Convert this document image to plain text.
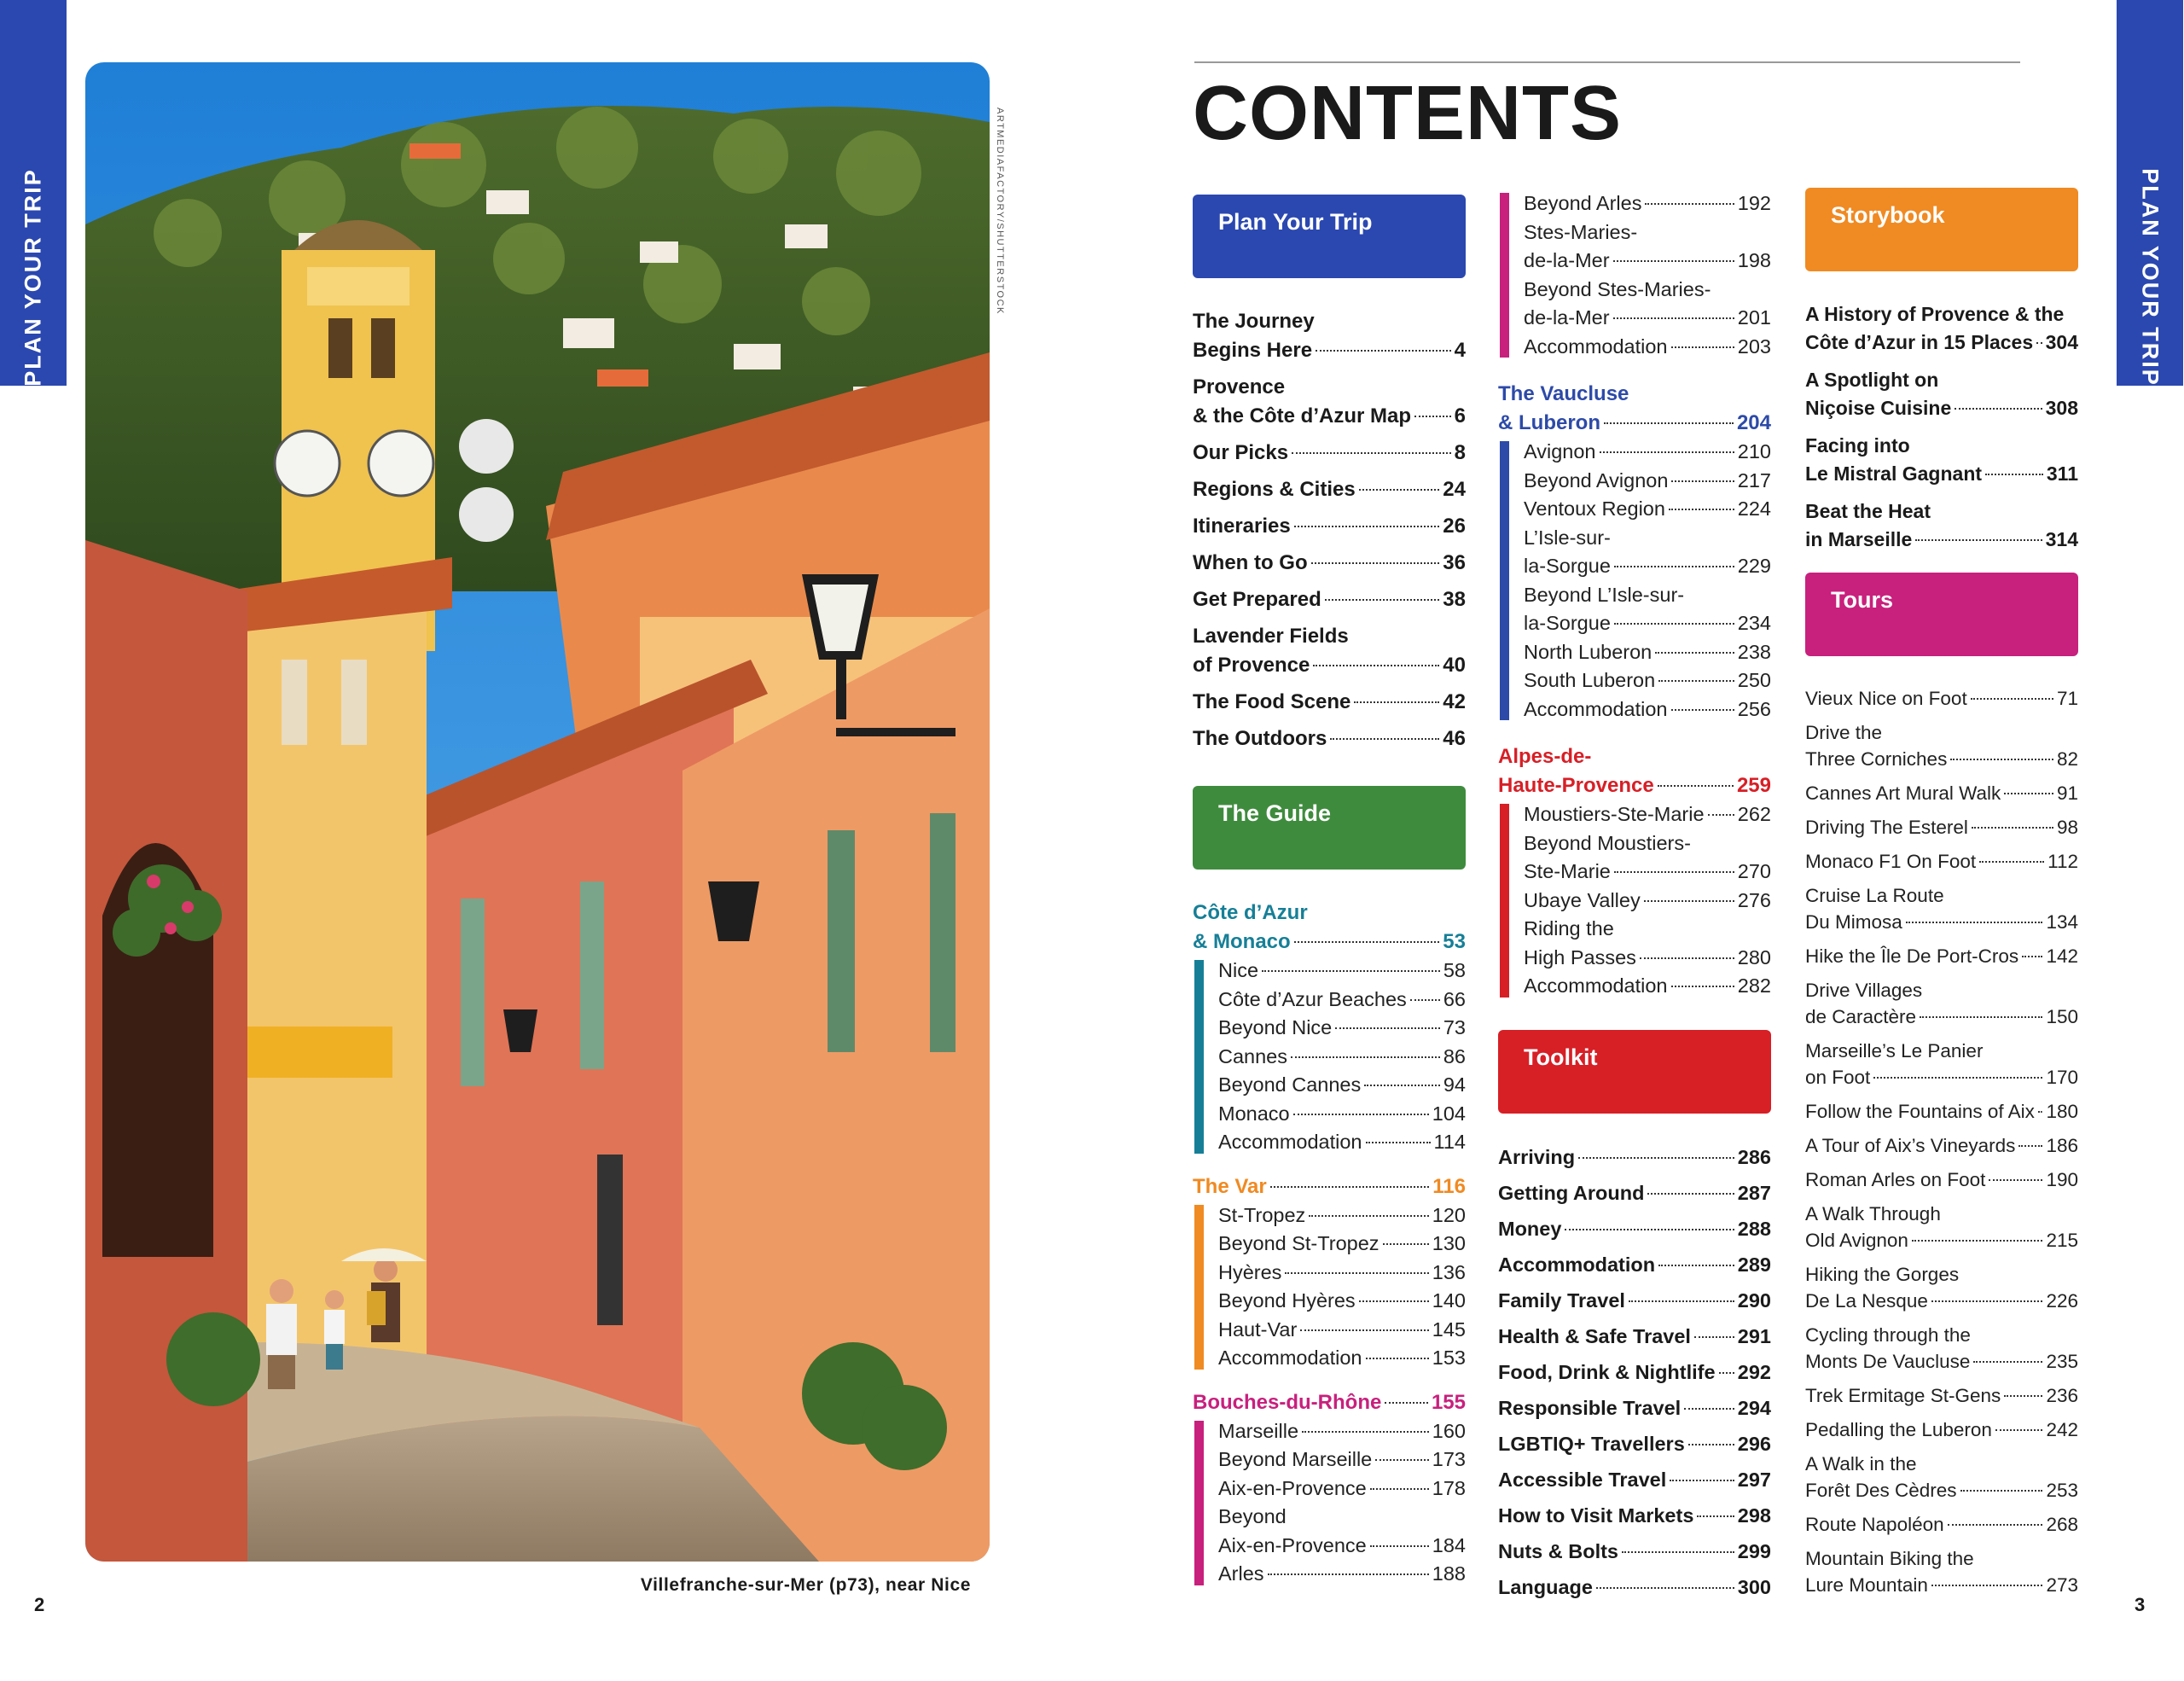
PLAN YOUR TRIP	PLAN YOUR TRIP
ARTMEDIAFACTORY/SHUTTERSTOCK
Villefranche-sur-Mer (p73), near Nice
2	3
CONTENTS
Plan Your Trip
The Journey
Begins Here	4
Provence
& the Côte d’Azur Map 6
Our Picks	8
Regions & Cities	24
Itineraries	26
When to Go	36
Get Prepared	38
Lavender Fields
of Provence	40
The Food Scene	42
The Outdoors	46
The Guide
Côte d’Azur
& Monaco	53
Nice	58
Côte d’Azur Beaches 66
Beyond Nice	73
Cannes	86
Beyond Cannes	94
Monaco	104
Accommodation	114
The Var	116
St-Tropez	120
Beyond St-Tropez	130
Hyères	136
Beyond Hyères	140
Haut-Var	145
Accommodation	153
Bouches-du-Rhône 155
Marseille	160
Beyond Marseille	173
Aix-en-Provence	178
Beyond
Aix-en-Provence	184
Arles	188
Beyond Arles	192
Stes-Maries-
de-la-Mer	198
Beyond Stes-Maries-
de-la-Mer	201
Accommodation	203
The Vaucluse
& Luberon	204
Avignon	210
Beyond Avignon	217
Ventoux Region	224
L’Isle-sur-
la-Sorgue	229
Beyond L’Isle-sur-
la-Sorgue	234
North Luberon	238
South Luberon	250
Accommodation	256
Alpes-de-
Haute-Provence	259
Moustiers-Ste-Marie 262
Beyond Moustiers-
Ste-Marie	270
Ubaye Valley	276
Riding the
High Passes	280
Accommodation	282
Toolkit
Arriving	286
Getting Around	287
Money	288
Accommodation	289
Family Travel	290
Health & Safe Travel 291
Food, Drink & Nightlife 292
Responsible Travel	294
LGBTIQ+ Travellers	296
Accessible Travel	297
How to Visit Markets 298
Nuts & Bolts	299
Language	300
Storybook
A History of Provence & the
Côte d’Azur in 15 Places 304
A Spotlight on
Niçoise Cuisine	308
Facing into
Le Mistral Gagnant	311
Beat the Heat
in Marseille	314
Tours
Vieux Nice on Foot	71
Drive the
Three Corniches	82
Cannes Art Mural Walk	91
Driving The Esterel	98
Monaco F1 On Foot	112
Cruise La Route
Du Mimosa	134
Hike the Île De Port-Cros 142
Drive Villages
de Caractère	150
Marseille’s Le Panier
on Foot	170
Follow the Fountains of Aix 180
A Tour of Aix’s Vineyards 186
Roman Arles on Foot	190
A Walk Through
Old Avignon	215
Hiking the Gorges
De La Nesque	226
Cycling through the
Monts De Vaucluse	235
Trek Ermitage St-Gens 236
Pedalling the Luberon	242
A Walk in the
Forêt Des Cèdres	253
Route Napoléon	268
Mountain Biking the
Lure Mountain	273
